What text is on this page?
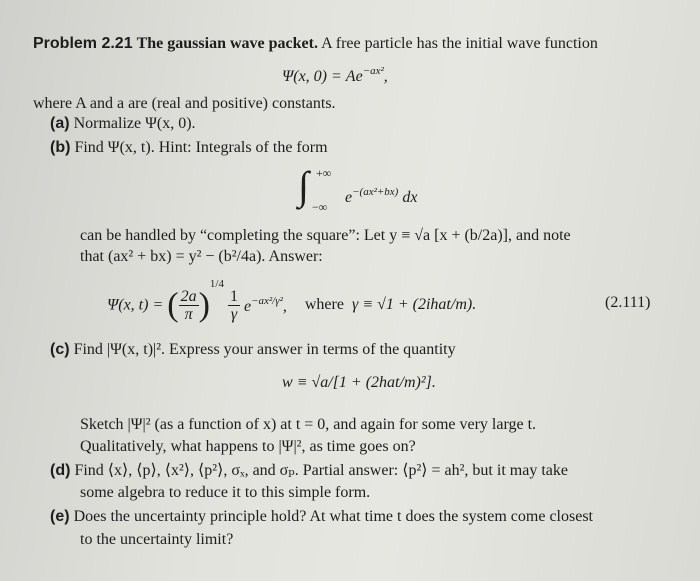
Problem 2.21 The gaussian wave packet. A free particle has the initial wave function
Ψ(x, $0) = Ae^{-ax^2}$,
where A and a are (real and positive) constants.
(a) Normalize Ψ(x, 0).
(b) Find Ψ(x, t). Hint: Integrals of the form
∫ +∞
−∞
$e^{-(ax^2+bx)}$ dx
can be handled by “completing the square”: Let y ≡ √a [x + (b/2a)], and note
that (ax² + bx) = y² − (b²/4a). Answer:
Ψ(x, t) = ( $\frac{2a}{\pi} )^{1/4}$
$\frac{1}{\gamma} e^{-ax^2/\gamma^2}$, where γ ≡ √1 + (2ihat/m).	(2.111)
(c) Find |Ψ(x, t)|². Express your answer in terms of the quantity
w ≡ √a/[1 + (2hat/m)²].
Sketch |Ψ|² (as a function of x) at t = 0, and again for some very large t.
Qualitatively, what happens to |Ψ|², as time goes on?
(d) Find ⟨x⟩, ⟨p⟩, ⟨x²⟩, ⟨p²⟩, σₓ, and σₚ. Partial answer: ⟨p²⟩ = ah², but it may take
some algebra to reduce it to this simple form.
(e) Does the uncertainty principle hold? At what time t does the system come closest
to the uncertainty limit?
